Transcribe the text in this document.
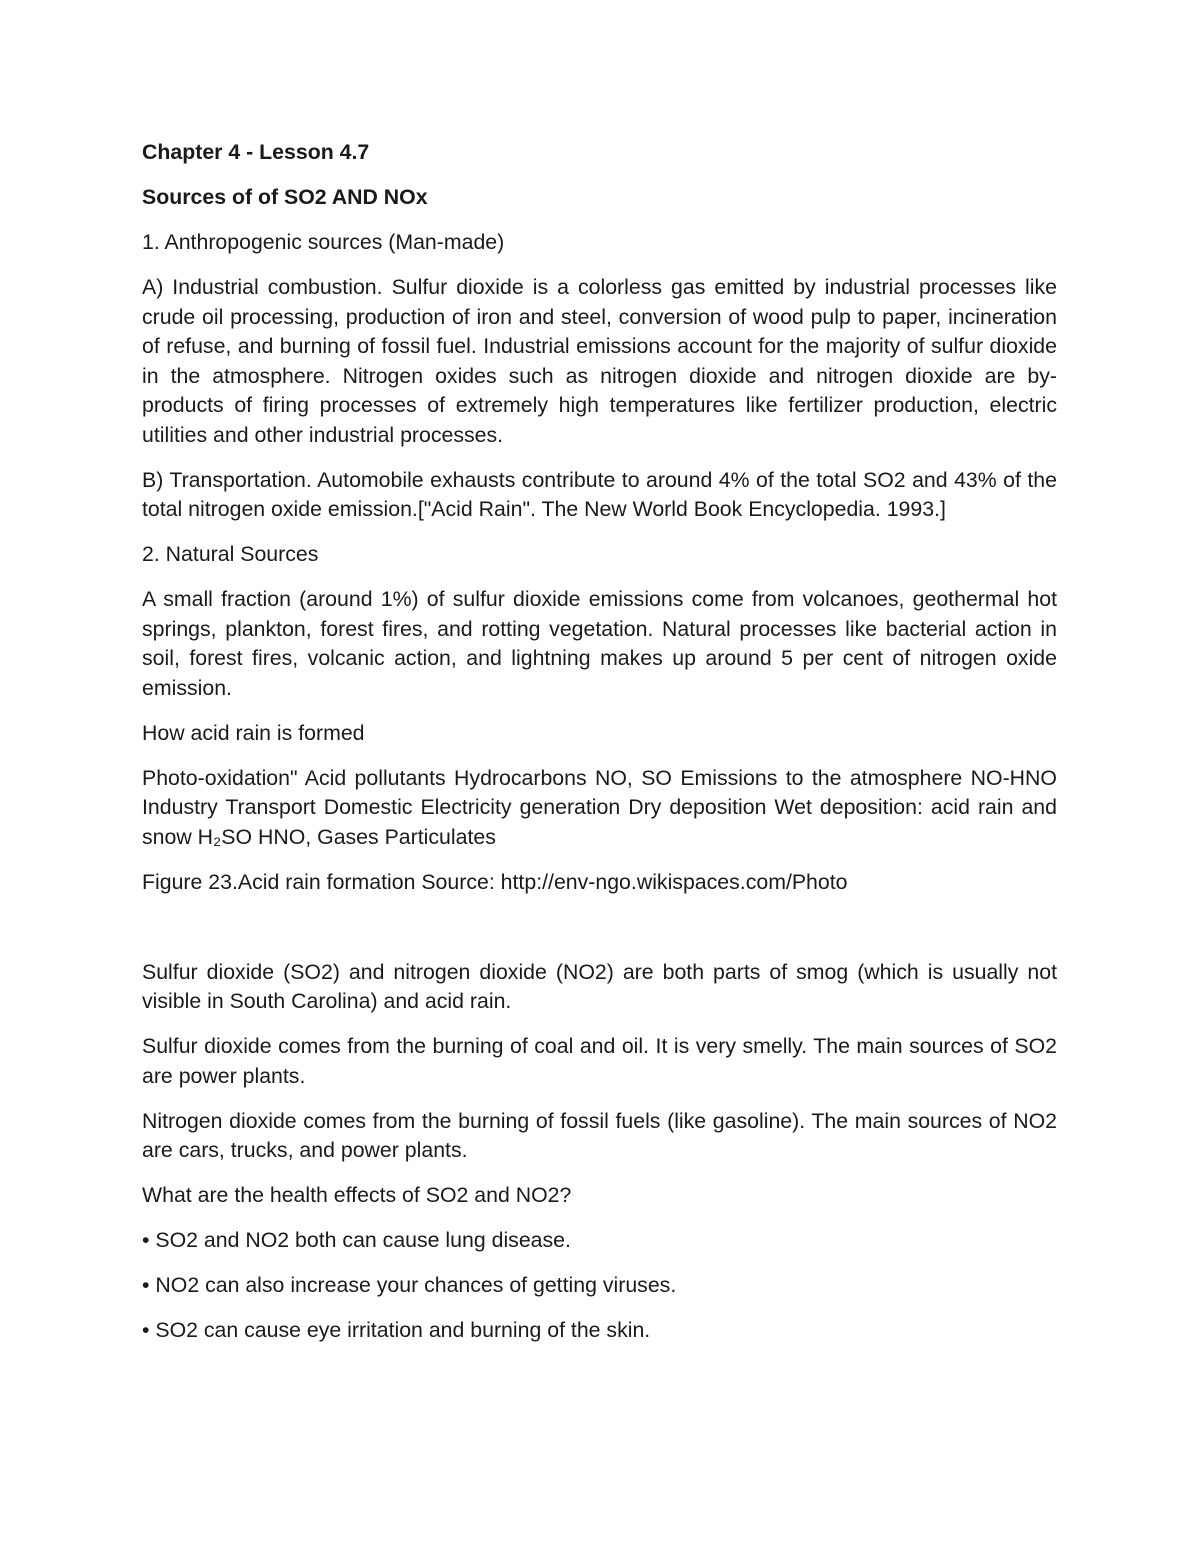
Chapter 4 - Lesson 4.7

Sources of of SO2 AND NOx

1. Anthropogenic sources (Man-made)

A) Industrial combustion. Sulfur dioxide is a colorless gas emitted by industrial processes like crude oil processing, production of iron and steel, conversion of wood pulp to paper, incineration of refuse, and burning of fossil fuel. Industrial emissions account for the majority of sulfur dioxide in the atmosphere. Nitrogen oxides such as nitrogen dioxide and nitrogen dioxide are by-products of firing processes of extremely high temperatures like fertilizer production, electric utilities and other industrial processes.

B) Transportation. Automobile exhausts contribute to around 4% of the total SO2 and 43% of the total nitrogen oxide emission.["Acid Rain". The New World Book Encyclopedia. 1993.]

2. Natural Sources

A small fraction (around 1%) of sulfur dioxide emissions come from volcanoes, geothermal hot springs, plankton, forest fires, and rotting vegetation. Natural processes like bacterial action in soil, forest fires, volcanic action, and lightning makes up around 5 per cent of nitrogen oxide emission.

How acid rain is formed

Photo-oxidation" Acid pollutants Hydrocarbons NO, SO Emissions to the atmosphere NO-HNO Industry Transport Domestic Electricity generation Dry deposition Wet deposition: acid rain and snow H₂SO HNO, Gases Particulates

Figure 23.Acid rain formation Source: http://env-ngo.wikispaces.com/Photo

Sulfur dioxide (SO2) and nitrogen dioxide (NO2) are both parts of smog (which is usually not visible in South Carolina) and acid rain.

Sulfur dioxide comes from the burning of coal and oil. It is very smelly. The main sources of SO2 are power plants.

Nitrogen dioxide comes from the burning of fossil fuels (like gasoline). The main sources of NO2 are cars, trucks, and power plants.

What are the health effects of SO2 and NO2?

• SO2 and NO2 both can cause lung disease.

• NO2 can also increase your chances of getting viruses.

• SO2 can cause eye irritation and burning of the skin.
